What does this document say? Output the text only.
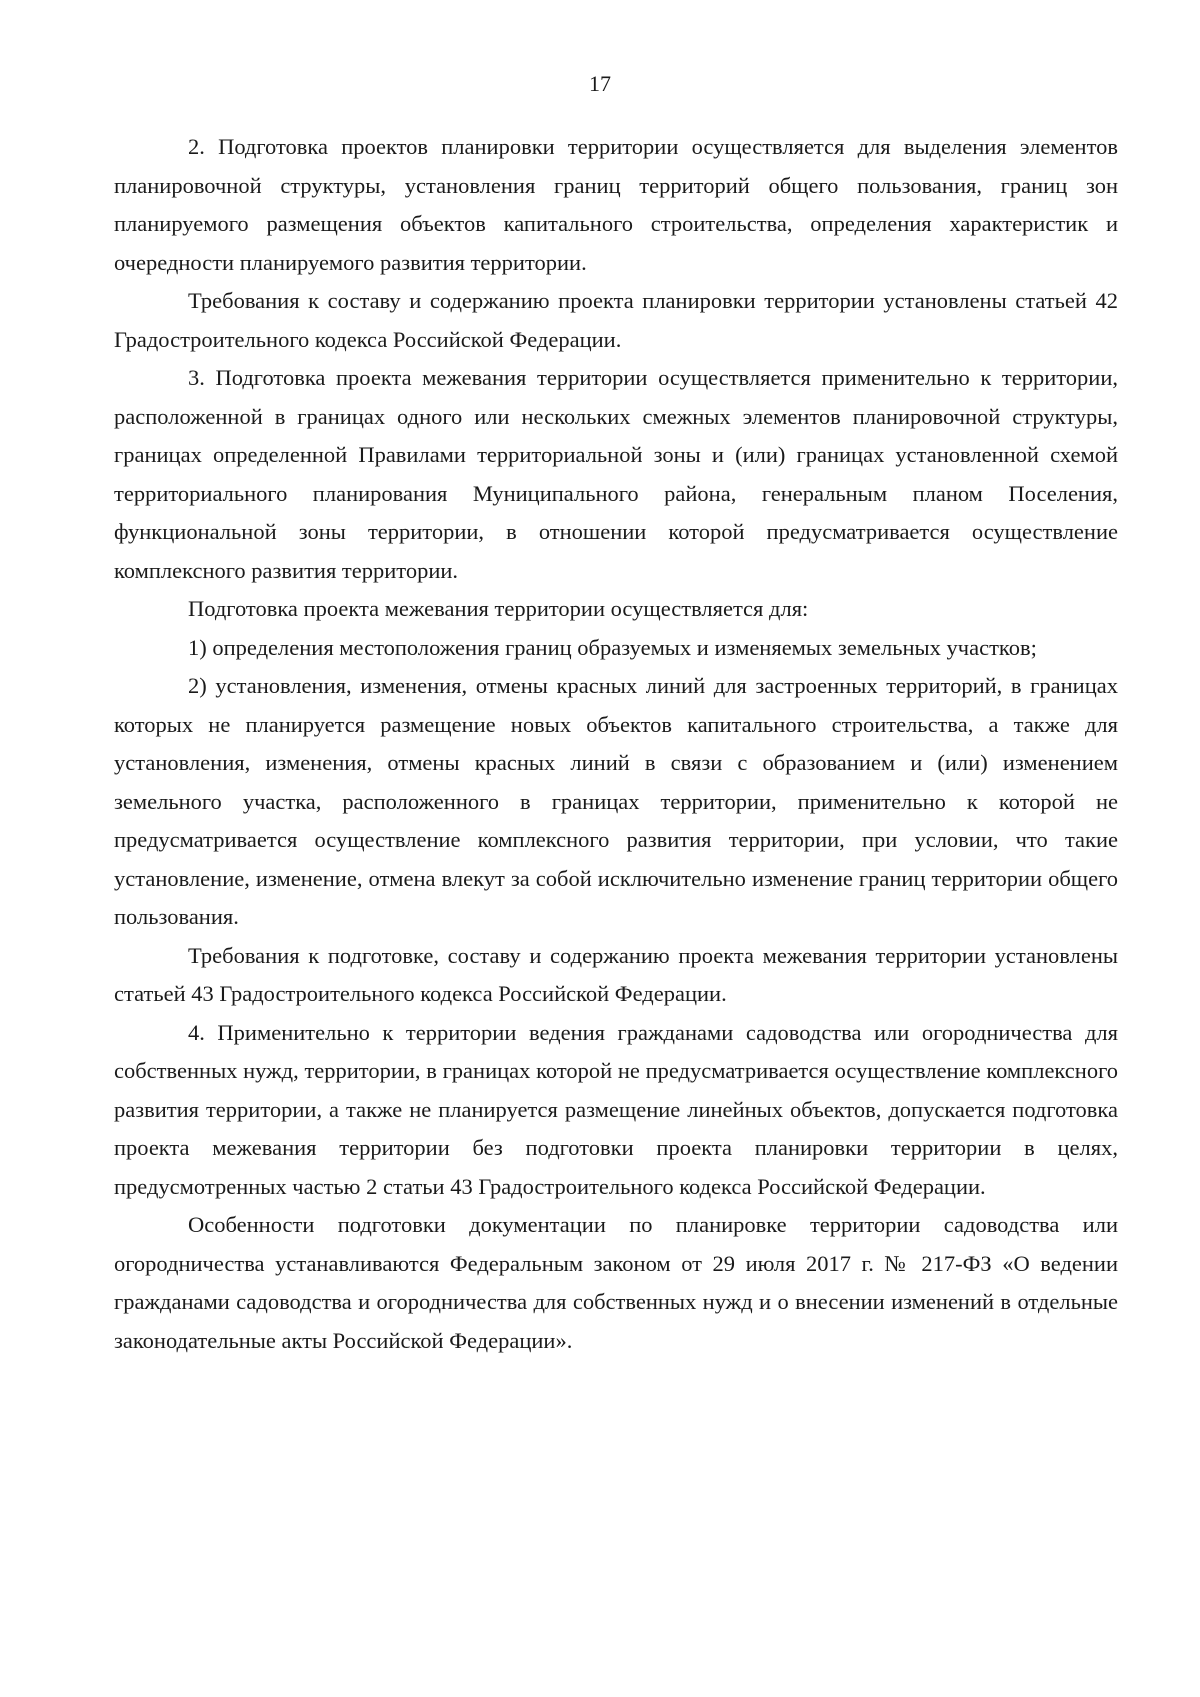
17

2. Подготовка проектов планировки территории осуществляется для выделения элементов планировочной структуры, установления границ территорий общего пользования, границ зон планируемого размещения объектов капитального строительства, определения характеристик и очередности планируемого развития территории.

Требования к составу и содержанию проекта планировки территории установлены статьей 42 Градостроительного кодекса Российской Федерации.

3. Подготовка проекта межевания территории осуществляется применительно к территории, расположенной в границах одного или нескольких смежных элементов планировочной структуры, границах определенной Правилами территориальной зоны и (или) границах установленной схемой территориального планирования Муниципального района, генеральным планом Поселения, функциональной зоны территории, в отношении которой предусматривается осуществление комплексного развития территории.

Подготовка проекта межевания территории осуществляется для:

1) определения местоположения границ образуемых и изменяемых земельных участков;

2) установления, изменения, отмены красных линий для застроенных территорий, в границах которых не планируется размещение новых объектов капитального строительства, а также для установления, изменения, отмены красных линий в связи с образованием и (или) изменением земельного участка, расположенного в границах территории, применительно к которой не предусматривается осуществление комплексного развития территории, при условии, что такие установление, изменение, отмена влекут за собой исключительно изменение границ территории общего пользования.

Требования к подготовке, составу и содержанию проекта межевания территории установлены статьей 43 Градостроительного кодекса Российской Федерации.

4. Применительно к территории ведения гражданами садоводства или огородничества для собственных нужд, территории, в границах которой не предусматривается осуществление комплексного развития территории, а также не планируется размещение линейных объектов, допускается подготовка проекта межевания территории без подготовки проекта планировки территории в целях, предусмотренных частью 2 статьи 43 Градостроительного кодекса Российской Федерации.

Особенности подготовки документации по планировке территории садоводства или огородничества устанавливаются Федеральным законом от 29 июля 2017 г. № 217-ФЗ «О ведении гражданами садоводства и огородничества для собственных нужд и о внесении изменений в отдельные законодательные акты Российской Федерации».
